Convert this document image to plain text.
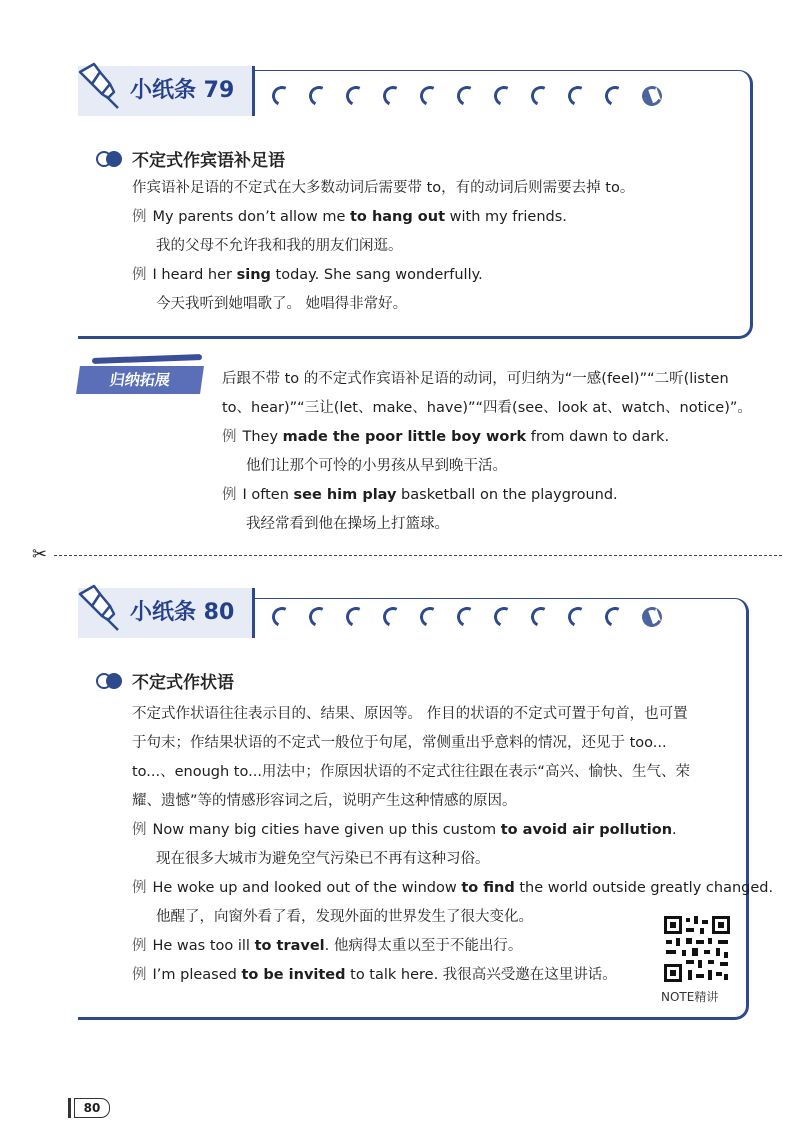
小纸条 79
不定式作宾语补足语
作宾语补足语的不定式在大多数动词后需要带 to，有的动词后则需要去掉 to。
例 My parents don’t allow me to hang out with my friends.
我的父母不允许我和我的朋友们闲逛。
例 I heard her sing today. She sang wonderfully.
今天我听到她唱歌了。 她唱得非常好。
归纳拓展	后跟不带 to 的不定式作宾语补足语的动词，可归纳为“一感(feel)”“二听(listen
to、hear)”“三让(let、make、have)”“四看(see、look at、watch、notice)”。
例 They made the poor little boy work from dawn to dark.
他们让那个可怜的小男孩从早到晚干活。
例 I often see him play basketball on the playground.
我经常看到他在操场上打篮球。
✂
小纸条 80
不定式作状语
不定式作状语往往表示目的、结果、原因等。 作目的状语的不定式可置于句首，也可置
于句末；作结果状语的不定式一般位于句尾，常侧重出乎意料的情况，还见于 too...
to...、enough to...用法中；作原因状语的不定式往往跟在表示“高兴、愉快、生气、荣
耀、遗憾”等的情感形容词之后，说明产生这种情感的原因。
例 Now many big cities have given up this custom to avoid air pollution.
现在很多大城市为避免空气污染已不再有这种习俗。
例 He woke up and looked out of the window to find the world outside greatly changed.
他醒了，向窗外看了看，发现外面的世界发生了很大变化。
例 He was too ill to travel. 他病得太重以至于不能出行。
例 I’m pleased to be invited to talk here. 我很高兴受邀在这里讲话。
NOTE精讲
80
